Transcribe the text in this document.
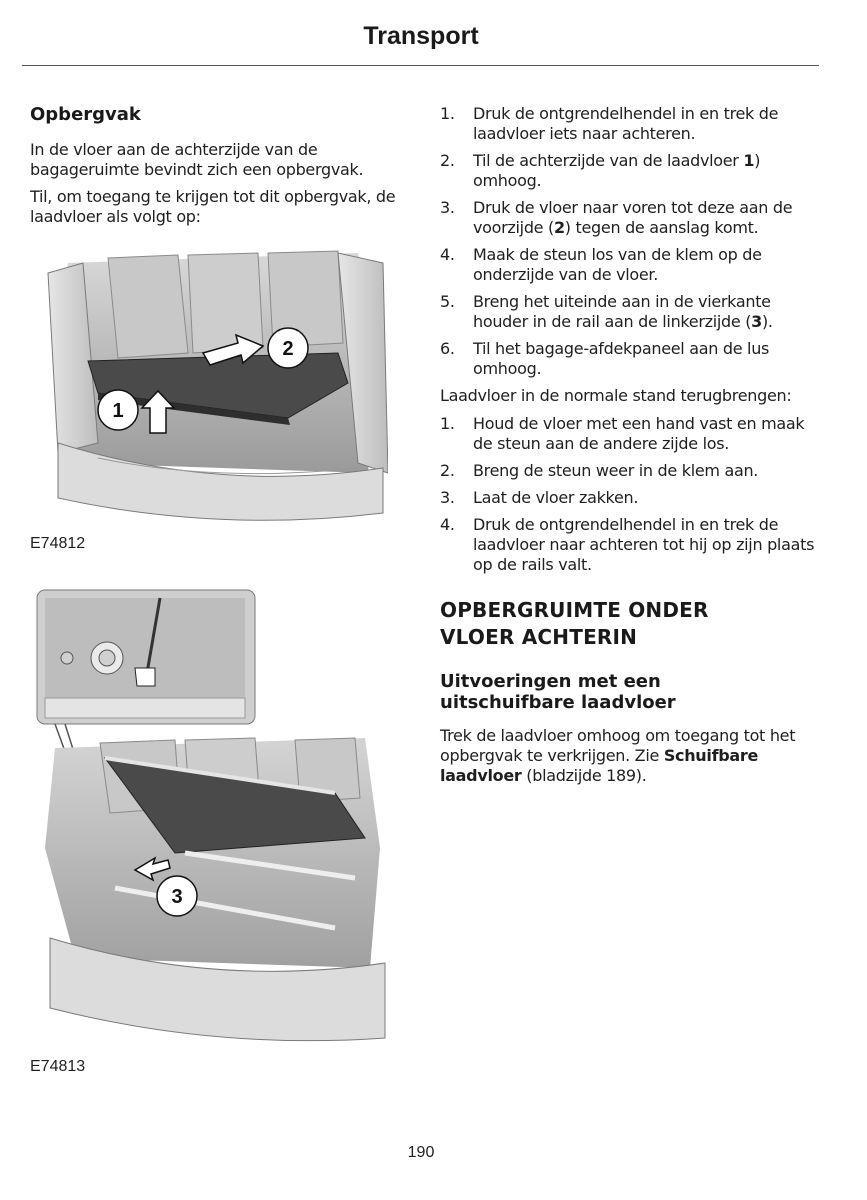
Transport
Opbergvak
In de vloer aan de achterzijde van de bagageruimte bevindt zich een opbergvak.
Til, om toegang te krijgen tot dit opbergvak, de laadvloer als volgt op:
2
1
E74812
3
E74813
1.	Druk de ontgrendelhendel in en trek de laadvloer iets naar achteren.
2.	Til de achterzijde van de laadvloer 1) omhoog.
3.	Druk de vloer naar voren tot deze aan de voorzijde (2) tegen de aanslag komt.
4.	Maak de steun los van de klem op de onderzijde van de vloer.
5.	Breng het uiteinde aan in de vierkante houder in de rail aan de linkerzijde (3).
6.	Til het bagage-afdekpaneel aan de lus omhoog.
Laadvloer in de normale stand terugbrengen:
1.	Houd de vloer met een hand vast en maak de steun aan de andere zijde los.
2.	Breng de steun weer in de klem aan.
3.	Laat de vloer zakken.
4.	Druk de ontgrendelhendel in en trek de laadvloer naar achteren tot hij op zijn plaats op de rails valt.
OPBERGRUIMTE ONDER
VLOER ACHTERIN
Uitvoeringen met een
uitschuifbare laadvloer
Trek de laadvloer omhoog om toegang tot het opbergvak te verkrijgen. Zie Schuifbare laadvloer (bladzijde 189).
190
